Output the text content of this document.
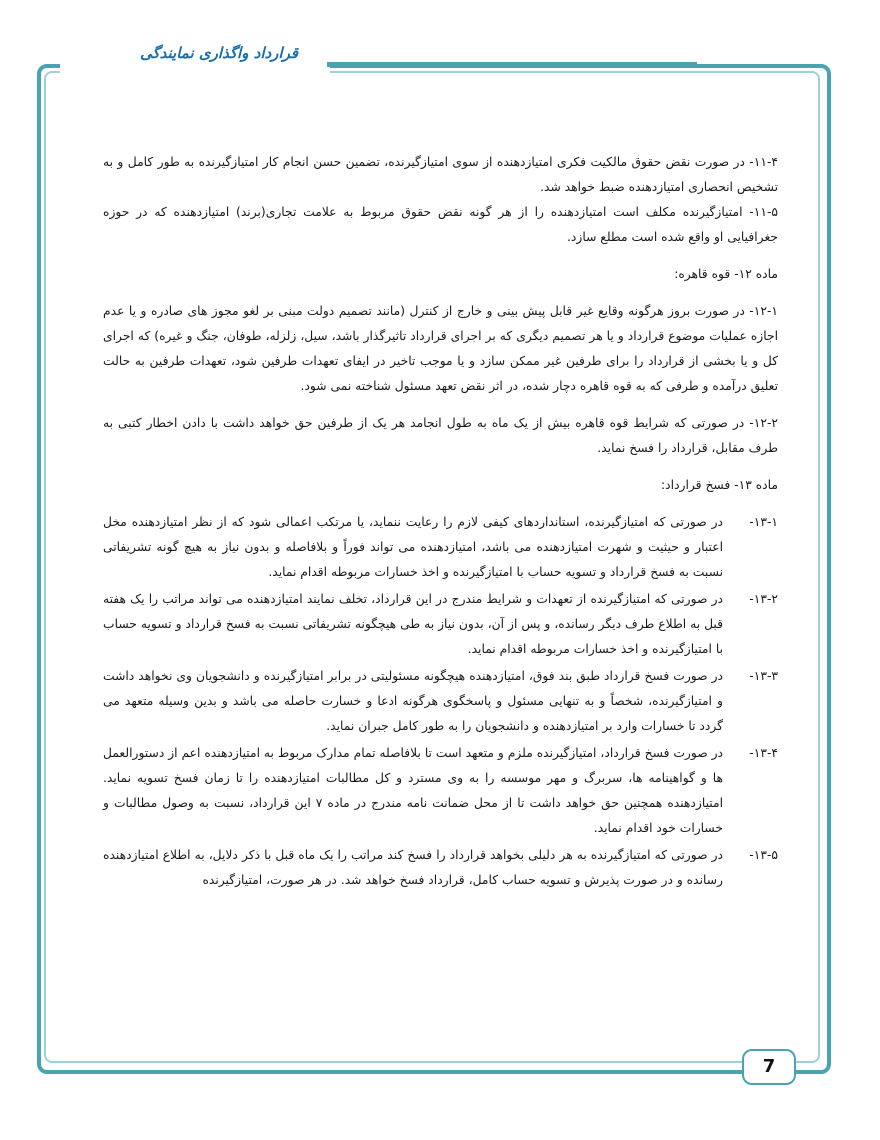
قرارداد واگذاری نمایندگی

۱۱-۴- در صورت نقض حقوق مالکیت فکری امتیازدهنده از سوی امتیازگیرنده، تضمین حسن انجام کار امتیازگیرنده به طور کامل و به تشخیص انحصاری امتیازدهنده ضبط خواهد شد.

۱۱-۵- امتیازگیرنده مکلف است امتیازدهنده را از هر گونه نقض حقوق مربوط به علامت تجاری(برند) امتیازدهنده که در حوزه جغرافیایی او واقع شده است مطلع سازد.

ماده ۱۲- قوه قاهره:

۱۲-۱- در صورت بروز هرگونه وقایع غیر قابل پیش بینی و خارج از کنترل (مانند تصمیم دولت مبنی بر لغو مجوز های صادره و یا عدم اجازه عملیات موضوع قرارداد و یا هر تصمیم دیگری که بر اجرای قرارداد تاثیرگذار باشد، سیل، زلزله، طوفان، جنگ و غیره) که اجرای کل و یا بخشی از قرارداد را برای طرفین غیر ممکن سازد و یا موجب تاخیر در ایفای تعهدات طرفین شود، تعهدات طرفین به حالت تعلیق درآمده و طرفی که به قوه قاهره دچار شده، در اثر نقض تعهد مسئول شناخته نمی شود.

۱۲-۲- در صورتی که شرایط قوه قاهره بیش از یک ماه به طول انجامد هر یک از طرفین حق خواهد داشت با دادن اخطار کتبی به طرف مقابل، قرارداد را فسخ نماید.

ماده ۱۳- فسخ قرارداد:

۱۳-۱-
در صورتی که امتیازگیرنده، استانداردهای کیفی لازم را رعایت ننماید، یا مرتکب اعمالی شود که از نظر امتیازدهنده مخل اعتبار و حیثیت و شهرت امتیازدهنده می باشد، امتیازدهنده می تواند فوراً و بلافاصله و بدون نیاز به هیچ گونه تشریفاتی نسبت به فسخ قرارداد و تسویه حساب با امتیازگیرنده و اخذ خسارات مربوطه اقدام نماید.
۱۳-۲-
در صورتی که امتیازگیرنده از تعهدات و شرایط مندرج در این قرارداد، تخلف نمایند امتیازدهنده می تواند مراتب را یک هفته قبل به اطلاع طرف دیگر رسانده، و پس از آن، بدون نیاز به طی هیچگونه تشریفاتی نسبت به فسخ قرارداد و تسویه حساب با امتیازگیرنده و اخذ خسارات مربوطه اقدام نماید.
۱۳-۳-
در صورت فسخ قرارداد طبق بند فوق، امتیازدهنده هیچگونه مسئولیتی در برابر امتیازگیرنده و دانشجویان وی نخواهد داشت و امتیازگیرنده، شخصاً و به تنهایی مسئول و پاسخگوی هرگونه ادعا و خسارت حاصله می باشد و بدین وسیله متعهد می گردد تا خسارات وارد بر امتیازدهنده و دانشجویان را به طور کامل جبران نماید.
۱۳-۴-
در صورت فسخ قرارداد، امتیازگیرنده ملزم و متعهد است تا بلافاصله تمام مدارک مربوط به امتیازدهنده اعم از دستورالعمل ها و گواهینامه ها، سربرگ و مهر موسسه را به وی مسترد و کل مطالبات امتیازدهنده را تا زمان فسخ تسویه نماید. امتیازدهنده همچنین حق خواهد داشت تا از محل ضمانت نامه مندرج در ماده ۷ این قرارداد، نسبت به وصول مطالبات و خسارات خود اقدام نماید.
۱۳-۵-
در صورتی که امتیازگیرنده به هر دلیلی بخواهد قرارداد را فسخ کند مراتب را یک ماه قبل با ذکر دلایل، به اطلاع امتیازدهنده رسانده و در صورت پذیرش و تسویه حساب کامل، قرارداد فسخ خواهد شد. در هر صورت، امتیازگیرنده
7
